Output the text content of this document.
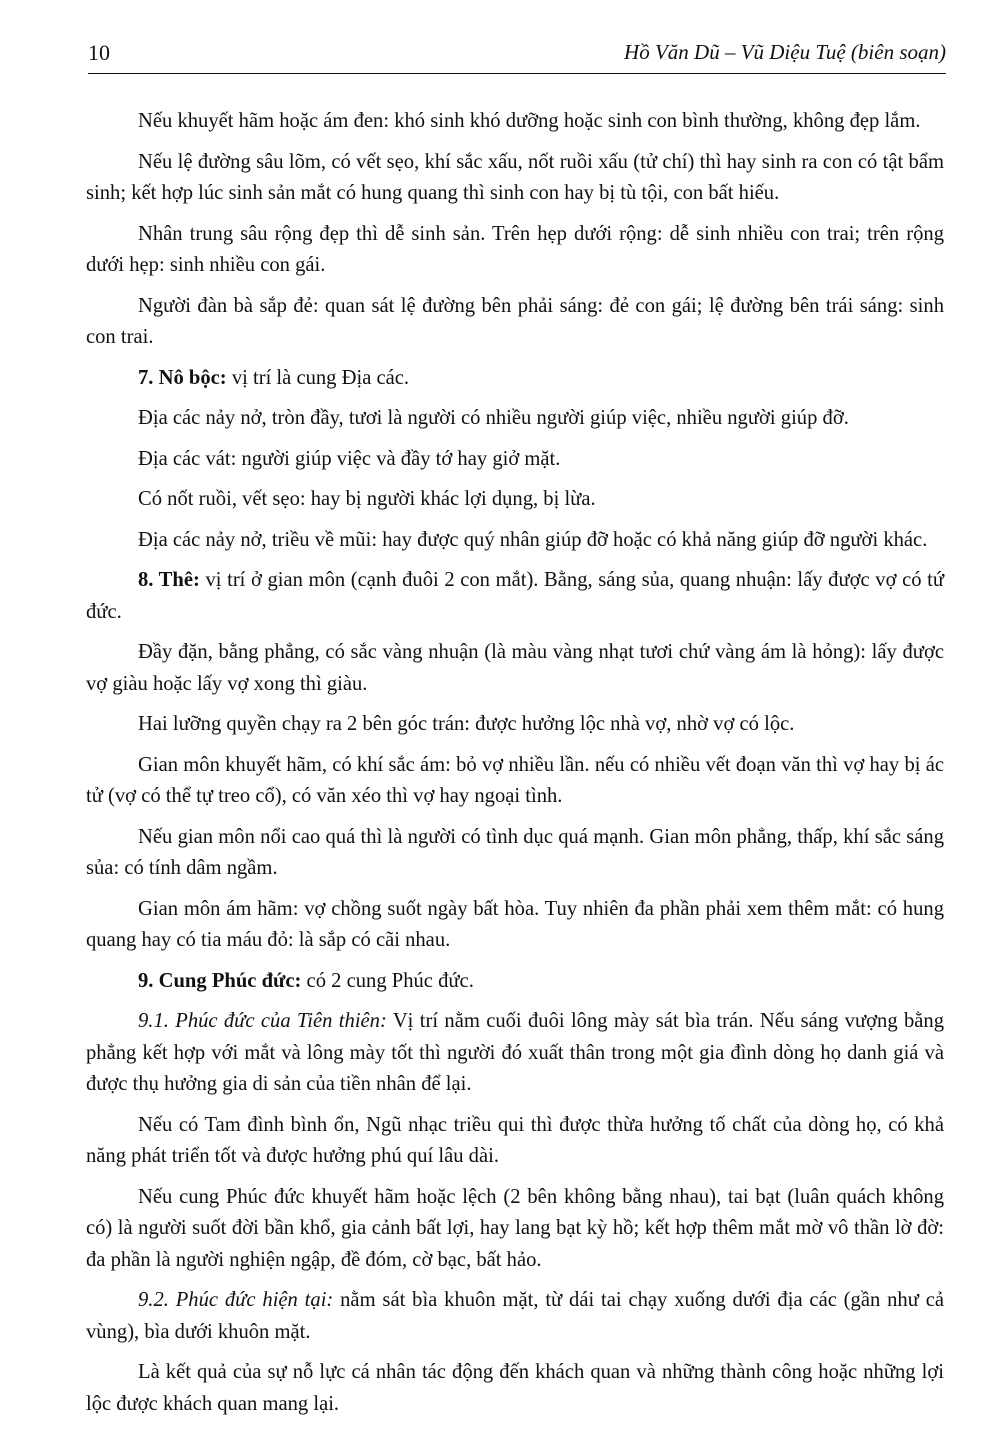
10	Hồ Văn Dũ – Vũ Diệu Tuệ (biên soạn)

Nếu khuyết hãm hoặc ám đen: khó sinh khó dưỡng hoặc sinh con bình thường, không đẹp lắm.

Nếu lệ đường sâu lõm, có vết sẹo, khí sắc xấu, nốt ruồi xấu (tử chí) thì hay sinh ra con có tật bẩm sinh; kết hợp lúc sinh sản mắt có hung quang thì sinh con hay bị tù tội, con bất hiếu.

Nhân trung sâu rộng đẹp thì dễ sinh sản. Trên hẹp dưới rộng: dễ sinh nhiều con trai; trên rộng dưới hẹp: sinh nhiều con gái.

Người đàn bà sắp đẻ: quan sát lệ đường bên phải sáng: đẻ con gái; lệ đường bên trái sáng: sinh con trai.

7. Nô bộc: vị trí là cung Địa các.

Địa các nảy nở, tròn đầy, tươi là người có nhiều người giúp việc, nhiều người giúp đỡ.

Địa các vát: người giúp việc và đầy tớ hay giở mặt.

Có nốt ruồi, vết sẹo: hay bị người khác lợi dụng, bị lừa.

Địa các nảy nở, triều về mũi: hay được quý nhân giúp đỡ hoặc có khả năng giúp đỡ người khác.

8. Thê: vị trí ở gian môn (cạnh đuôi 2 con mắt). Bằng, sáng sủa, quang nhuận: lấy được vợ có tứ đức.

Đầy đặn, bằng phẳng, có sắc vàng nhuận (là màu vàng nhạt tươi chứ vàng ám là hỏng): lấy được vợ giàu hoặc lấy vợ xong thì giàu.

Hai lưỡng quyền chạy ra 2 bên góc trán: được hưởng lộc nhà vợ, nhờ vợ có lộc.

Gian môn khuyết hãm, có khí sắc ám: bỏ vợ nhiều lần. nếu có nhiều vết đoạn văn thì vợ hay bị ác tử (vợ có thể tự treo cổ), có văn xéo thì vợ hay ngoại tình.

Nếu gian môn nổi cao quá thì là người có tình dục quá mạnh. Gian môn phẳng, thấp, khí sắc sáng sủa: có tính dâm ngầm.

Gian môn ám hãm: vợ chồng suốt ngày bất hòa. Tuy nhiên đa phần phải xem thêm mắt: có hung quang hay có tia máu đỏ: là sắp có cãi nhau.

9. Cung Phúc đức: có 2 cung Phúc đức.

9.1. Phúc đức của Tiên thiên: Vị trí nằm cuối đuôi lông mày sát bìa trán. Nếu sáng vượng bằng phẳng kết hợp với mắt và lông mày tốt thì người đó xuất thân trong một gia đình dòng họ danh giá và được thụ hưởng gia di sản của tiền nhân để lại.

Nếu có Tam đình bình ổn, Ngũ nhạc triều qui thì được thừa hưởng tố chất của dòng họ, có khả năng phát triển tốt và được hưởng phú quí lâu dài.

Nếu cung Phúc đức khuyết hãm hoặc lệch (2 bên không bằng nhau), tai bạt (luân quách không có) là người suốt đời bần khổ, gia cảnh bất lợi, hay lang bạt kỳ hồ; kết hợp thêm mắt mờ vô thần lờ đờ: đa phần là người nghiện ngập, đề đóm, cờ bạc, bất hảo.

9.2. Phúc đức hiện tại: nằm sát bìa khuôn mặt, từ dái tai chạy xuống dưới địa các (gần như cả vùng), bìa dưới khuôn mặt.

Là kết quả của sự nỗ lực cá nhân tác động đến khách quan và những thành công hoặc những lợi lộc được khách quan mang lại.
